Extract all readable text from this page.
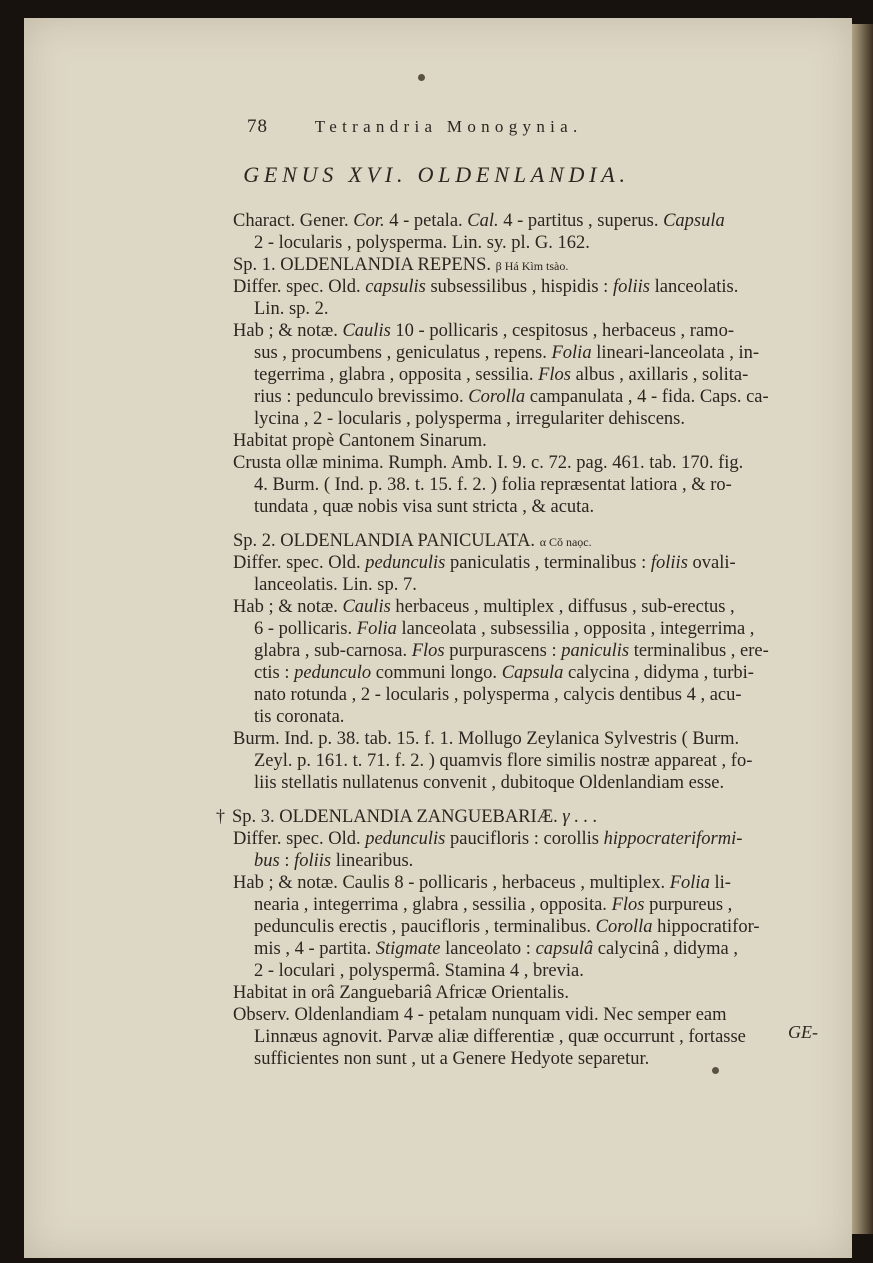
78	Tetrandria Monogynia.
GENUS XVI. OLDENLANDIA.
Charact. Gener. Cor. 4 - petala. Cal. 4 - partitus , superus. Capsula
2 - locularis , polysperma. Lin. sy. pl. G. 162.
Sp. 1. OLDENLANDIA REPENS. β Há Kìm tsào.
Differ. spec. Old. capsulis subsessilibus , hispidis : foliis lanceolatis.
Lin. sp. 2.
Hab ; & notæ. Caulis 10 - pollicaris , cespitosus , herbaceus , ramo-
sus , procumbens , geniculatus , repens. Folia lineari-lanceolata , in-
tegerrima , glabra , opposita , sessilia. Flos albus , axillaris , solita-
rius : pedunculo brevissimo. Corolla campanulata , 4 - fida. Caps. ca-
lycina , 2 - locularis , polysperma , irregulariter dehiscens.
Habitat propè Cantonem Sinarum.
Crusta ollæ minima. Rumph. Amb. I. 9. c. 72. pag. 461. tab. 170. fig.
4. Burm. ( Ind. p. 38. t. 15. f. 2. ) folia repræsentat latiora , & ro-
tundata , quæ nobis visa sunt stricta , & acuta.
Sp. 2. OLDENLANDIA PANICULATA. α Cŏ naọc.
Differ. spec. Old. pedunculis paniculatis , terminalibus : foliis ovali-
lanceolatis. Lin. sp. 7.
Hab ; & notæ. Caulis herbaceus , multiplex , diffusus , sub-erectus ,
6 - pollicaris. Folia lanceolata , subsessilia , opposita , integerrima ,
glabra , sub-carnosa. Flos purpurascens : paniculis terminalibus , ere-
ctis : pedunculo communi longo. Capsula calycina , didyma , turbi-
nato rotunda , 2 - locularis , polysperma , calycis dentibus 4 , acu-
tis coronata.
Burm. Ind. p. 38. tab. 15. f. 1. Mollugo Zeylanica Sylvestris ( Burm.
Zeyl. p. 161. t. 71. f. 2. ) quamvis flore similis nostræ appareat , fo-
liis stellatis nullatenus convenit , dubitoque Oldenlandiam esse.
Sp. 3. OLDENLANDIA ZANGUEBARIÆ. γ . . .
Differ. spec. Old. pedunculis paucifloris : corollis hippocrateriformi-
bus : foliis linearibus.
Hab ; & notæ. Caulis 8 - pollicaris , herbaceus , multiplex. Folia li-
nearia , integerrima , glabra , sessilia , opposita. Flos purpureus ,
pedunculis erectis , paucifloris , terminalibus. Corolla hippocratifor-
mis , 4 - partita. Stigmate lanceolato : capsulâ calycinâ , didyma ,
2 - loculari , polyspermâ. Stamina 4 , brevia.
Habitat in orâ Zanguebariâ Africæ Orientalis.
Observ. Oldenlandiam 4 - petalam nunquam vidi. Nec semper eam
Linnæus agnovit. Parvæ aliæ differentiæ , quæ occurrunt , fortasse
sufficientes non sunt , ut a Genere Hedyote separetur.
†
GE-
